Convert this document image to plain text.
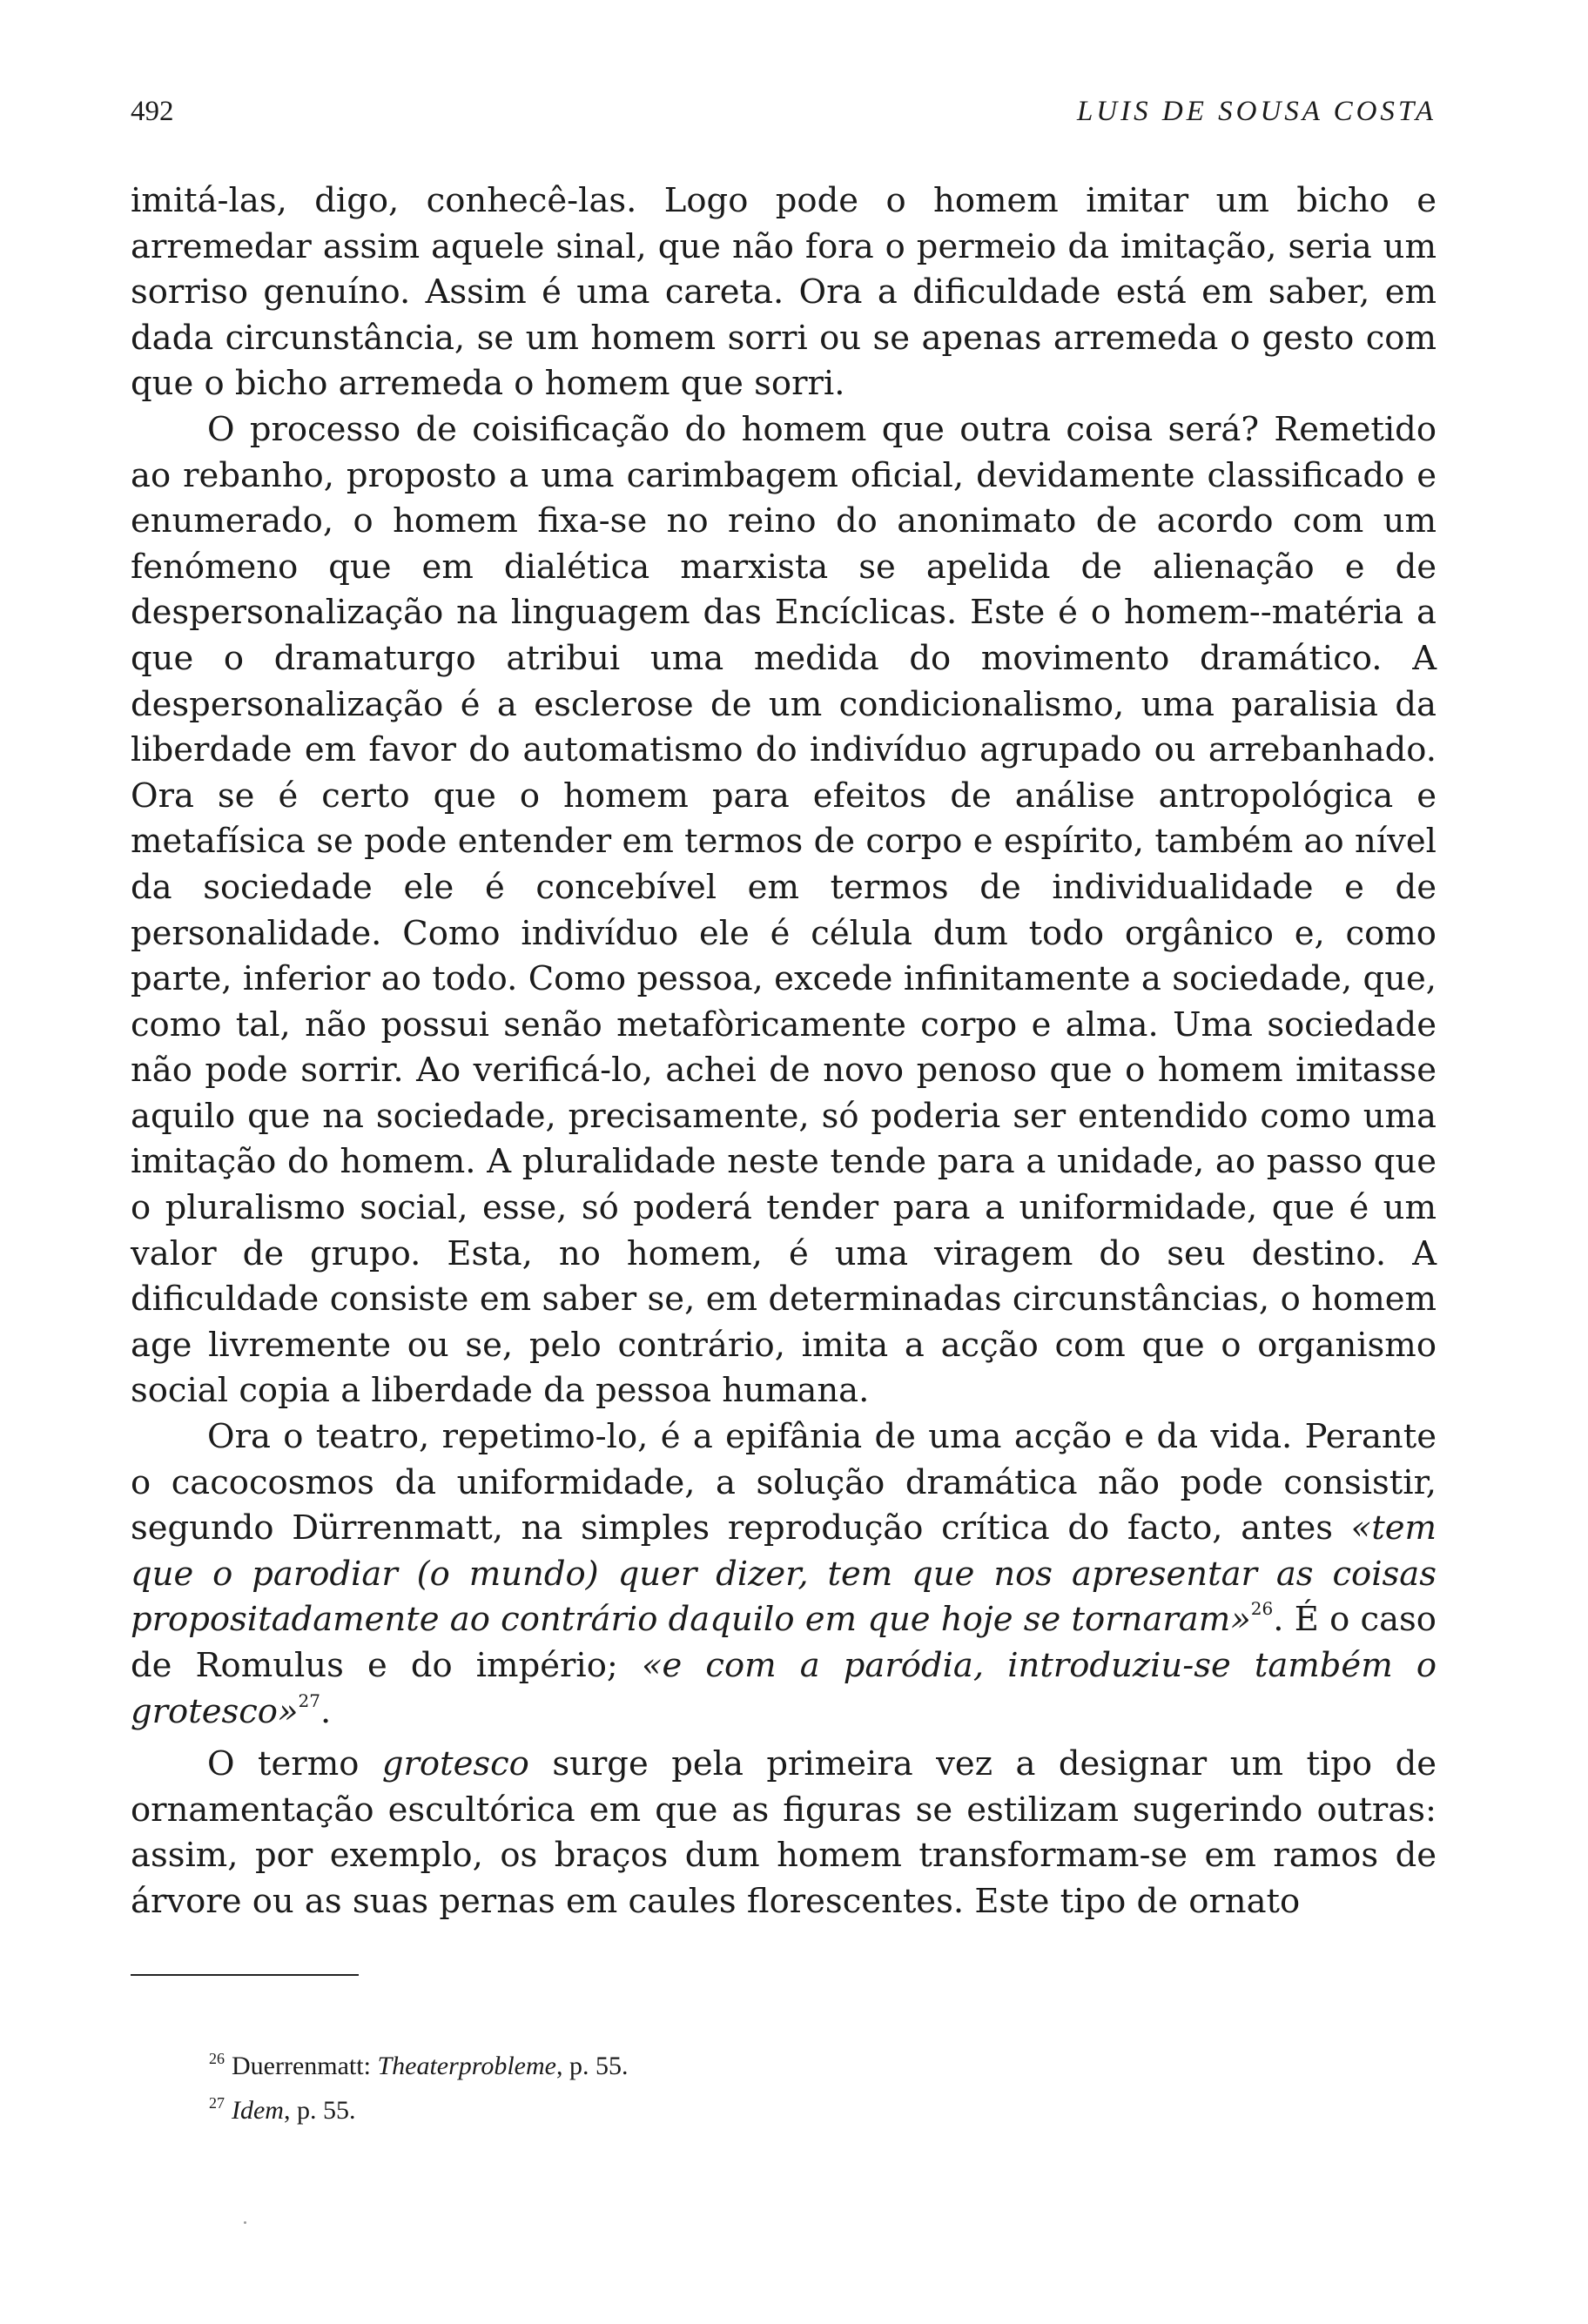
492	LUIS DE SOUSA COSTA

imitá-las, digo, conhecê-las. Logo pode o homem imitar um bicho e arremedar assim aquele sinal, que não fora o permeio da imitação, seria um sorriso genuíno. Assim é uma careta. Ora a dificuldade está em saber, em dada circunstância, se um homem sorri ou se apenas arremeda o gesto com que o bicho arremeda o homem que sorri.

O processo de coisificação do homem que outra coisa será? Remetido ao rebanho, proposto a uma carimbagem oficial, devidamente classificado e enumerado, o homem fixa-se no reino do anonimato de acordo com um fenómeno que em dialética marxista se apelida de alienação e de despersonalização na linguagem das Encíclicas. Este é o homem--matéria a que o dramaturgo atribui uma medida do movimento dramático. A despersonalização é a esclerose de um condicionalismo, uma paralisia da liberdade em favor do automatismo do indivíduo agrupado ou arrebanhado. Ora se é certo que o homem para efeitos de análise antropológica e metafísica se pode entender em termos de corpo e espírito, também ao nível da sociedade ele é concebível em termos de individualidade e de personalidade. Como indivíduo ele é célula dum todo orgânico e, como parte, inferior ao todo. Como pessoa, excede infinitamente a sociedade, que, como tal, não possui senão metafòricamente corpo e alma. Uma sociedade não pode sorrir. Ao verificá-lo, achei de novo penoso que o homem imitasse aquilo que na sociedade, precisamente, só poderia ser entendido como uma imitação do homem. A pluralidade neste tende para a unidade, ao passo que o pluralismo social, esse, só poderá tender para a uniformidade, que é um valor de grupo. Esta, no homem, é uma viragem do seu destino. A dificuldade consiste em saber se, em determinadas circunstâncias, o homem age livremente ou se, pelo contrário, imita a acção com que o organismo social copia a liberdade da pessoa humana.

Ora o teatro, repetimo-lo, é a epifânia de uma acção e da vida. Perante o cacocosmos da uniformidade, a solução dramática não pode consistir, segundo Dürrenmatt, na simples reprodução crítica do facto, antes «tem que o parodiar (o mundo) quer dizer, tem que nos apresentar as coisas propositadamente ao contrário daquilo em que hoje se tornaram»$^{26}$. É o caso de Romulus e do império; «e com a paródia, introduziu-se também o grotesco»$^{27}$.

O termo grotesco surge pela primeira vez a designar um tipo de ornamentação escultórica em que as figuras se estilizam sugerindo outras: assim, por exemplo, os braços dum homem transformam-se em ramos de árvore ou as suas pernas em caules florescentes. Este tipo de ornato

$^{26}$ Duerrenmatt: Theaterprobleme, p. 55.

$^{27}$ Idem, p. 55.
